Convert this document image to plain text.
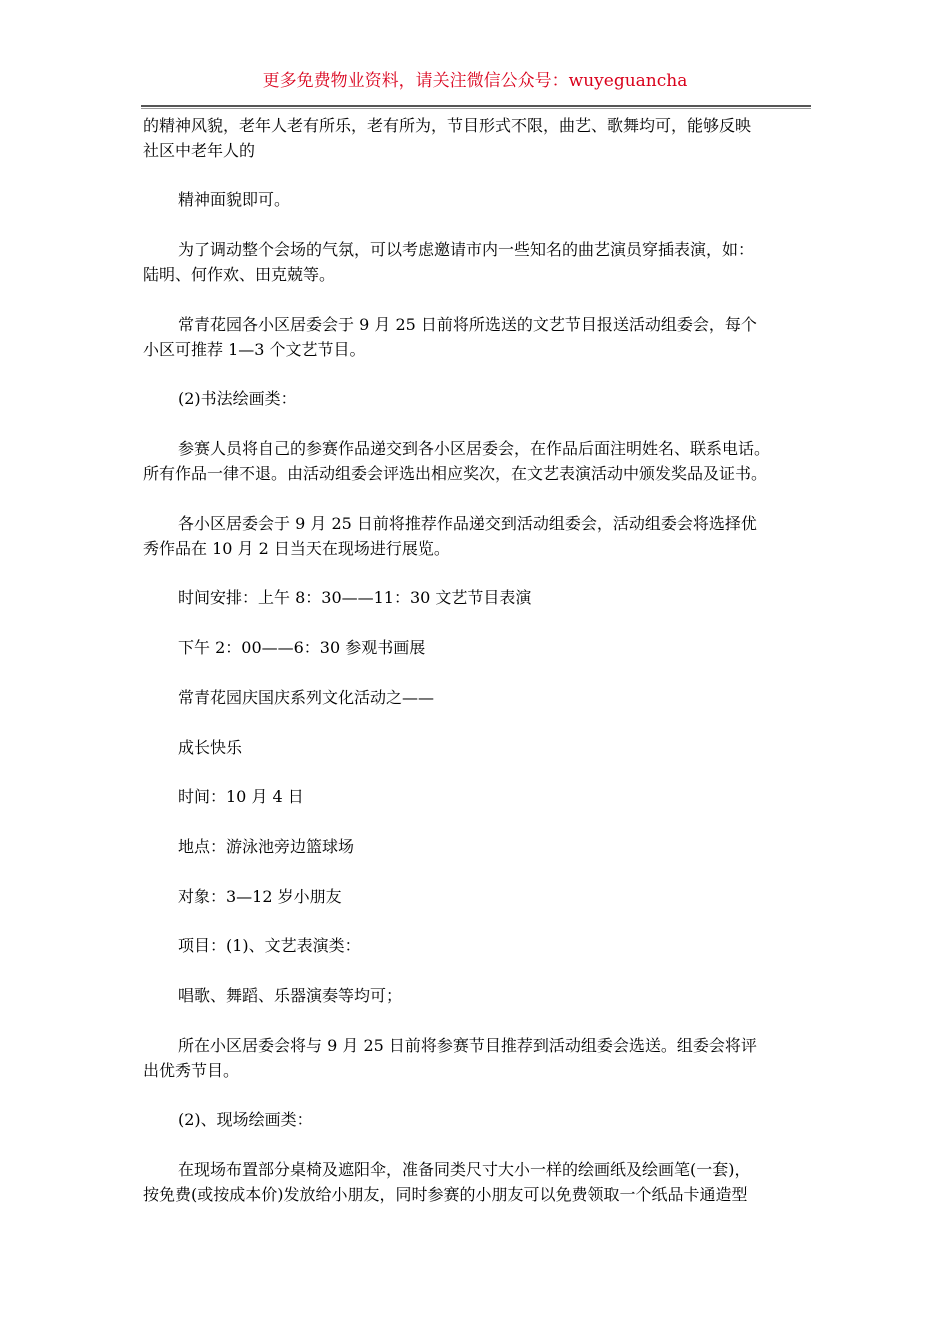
更多免费物业资料，请关注微信公众号：wuyeguancha
的精神风貌，老年人老有所乐，老有所为，节目形式不限，曲艺、歌舞均可，能够反映
社区中老年人的
精神面貌即可。
为了调动整个会场的气氛，可以考虑邀请市内一些知名的曲艺演员穿插表演，如：
陆明、何作欢、田克兢等。
常青花园各小区居委会于 9 月 25 日前将所选送的文艺节目报送活动组委会，每个
小区可推荐 1—3 个文艺节目。
(2)书法绘画类：
参赛人员将自己的参赛作品递交到各小区居委会，在作品后面注明姓名、联系电话。
所有作品一律不退。由活动组委会评选出相应奖次，在文艺表演活动中颁发奖品及证书。
各小区居委会于 9 月 25 日前将推荐作品递交到活动组委会，活动组委会将选择优
秀作品在 10 月 2 日当天在现场进行展览。
时间安排：上午 8：30——11：30 文艺节目表演
下午 2：00——6：30 参观书画展
常青花园庆国庆系列文化活动之——
成长快乐
时间：10 月 4 日
地点：游泳池旁边篮球场
对象：3—12 岁小朋友
项目：(1)、文艺表演类：
唱歌、舞蹈、乐器演奏等均可；
所在小区居委会将与 9 月 25 日前将参赛节目推荐到活动组委会选送。组委会将评
出优秀节目。
(2)、现场绘画类：
在现场布置部分桌椅及遮阳伞，准备同类尺寸大小一样的绘画纸及绘画笔(一套)，
按免费(或按成本价)发放给小朋友，同时参赛的小朋友可以免费领取一个纸品卡通造型
